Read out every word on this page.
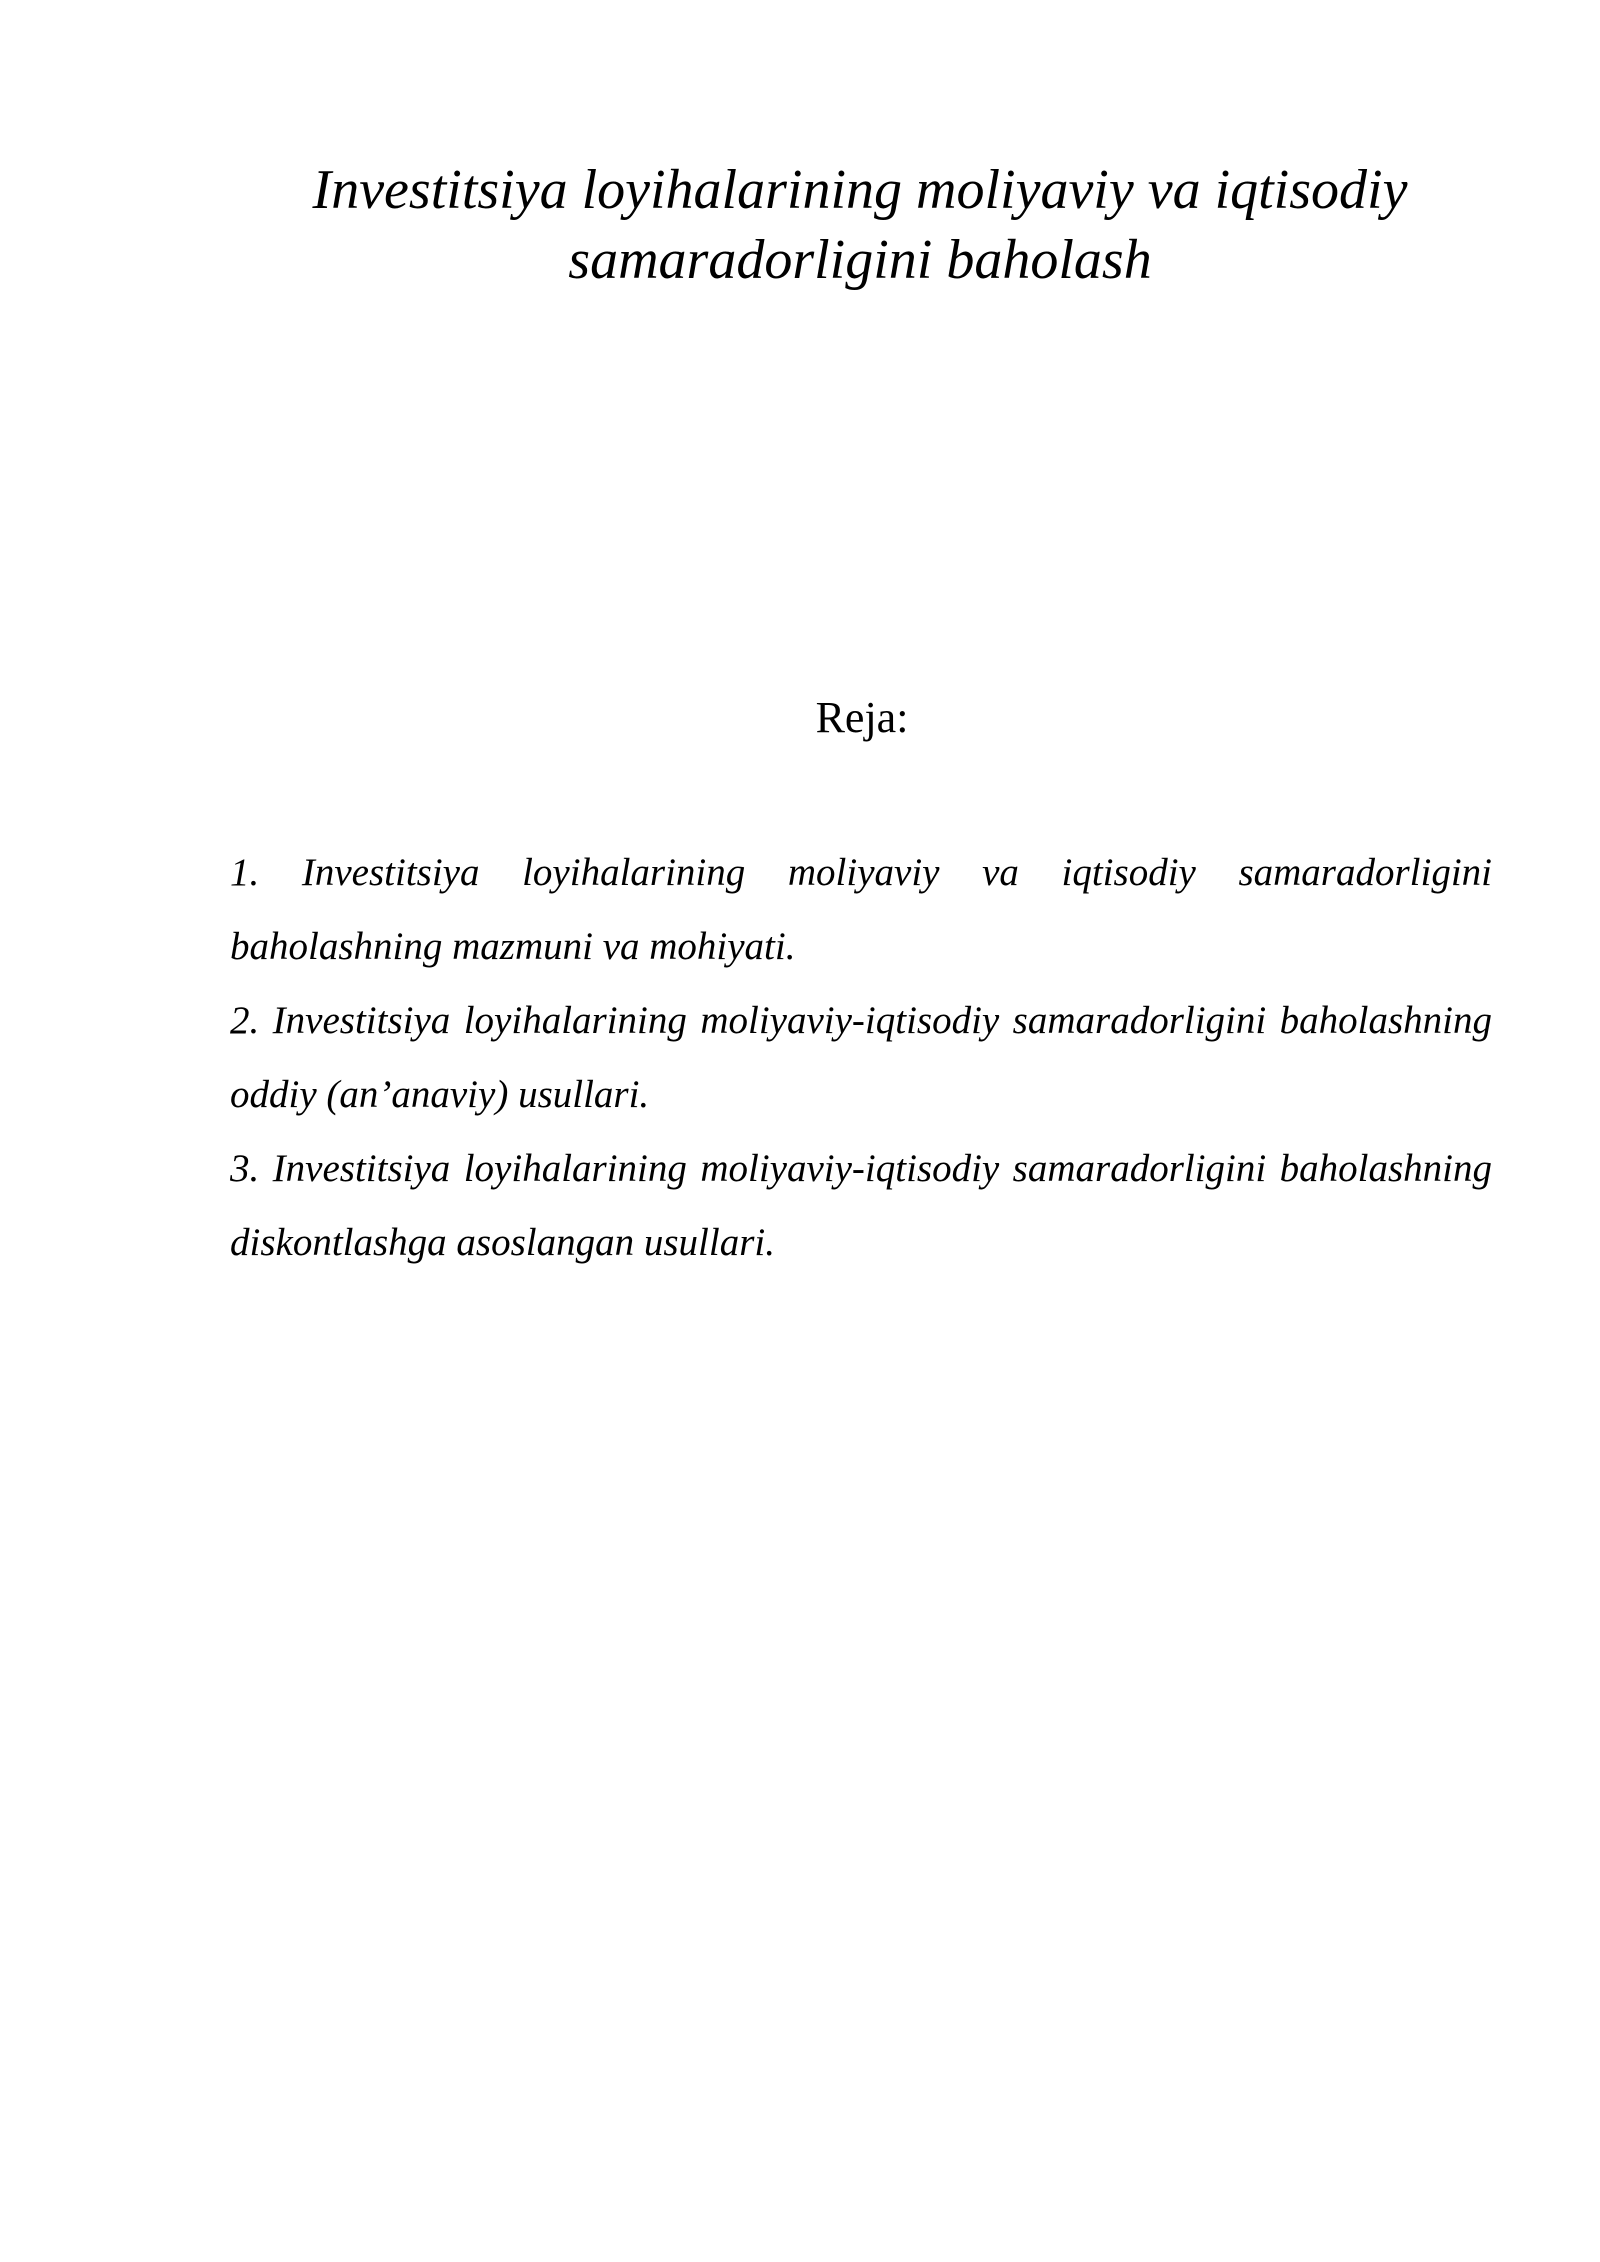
Investitsiya loyihalarining moliyaviy va iqtisodiy
samaradorligini baholash
Reja:
1. Investitsiya loyihalarining moliyaviy va iqtisodiy samaradorligini baholashning mazmuni va mohiyati.
2. Investitsiya loyihalarining moliyaviy-iqtisodiy samaradorligini baholashning oddiy (an’anaviy) usullari.
3. Investitsiya loyihalarining moliyaviy-iqtisodiy samaradorligini baholashning diskontlashga asoslangan usullari.
